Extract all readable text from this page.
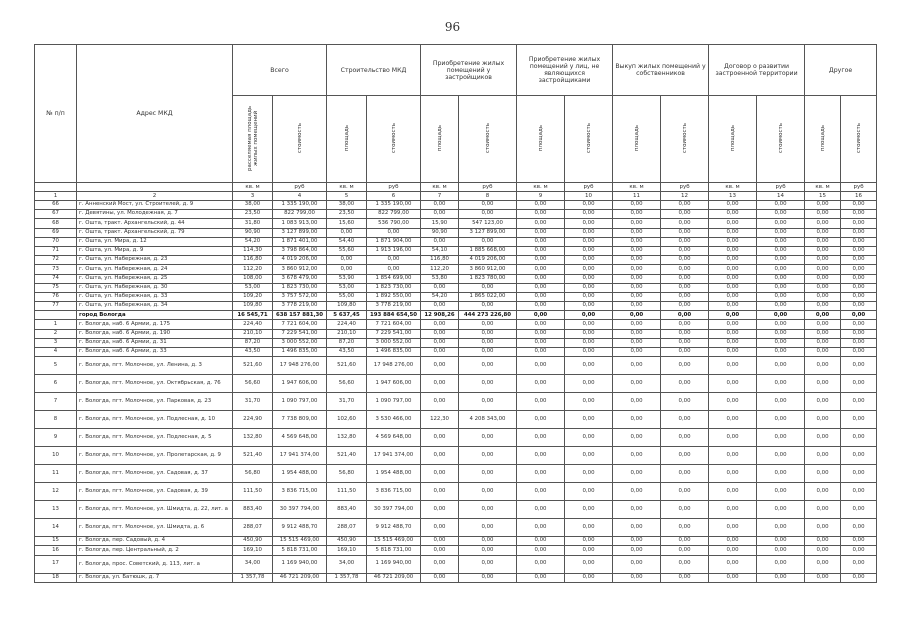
96
№ п/п	Адрес МКД	Всего		Строительство МКД		Приобретение жилых помещений у застройщиков		Приобретение жилых помещений у лиц, не являющихся застройщиками		Выкуп жилых помещений у собственников		Договор о развитии застроенной территории		Другое	
		расселяемая площадь жилых помещений	стоимость	площадь	стоимость	площадь	стоимость	площадь	стоимость	площадь	стоимость	площадь	стоимость	площадь	стоимость
		кв. м	руб	кв. м	руб	кв. м	руб	кв. м	руб	кв. м	руб	кв. м	руб	кв. м	руб
1	2	3	4	5	6	7	8	9	10	11	12	13	14	15	16
66	г. Анненский Мост, ул. Строителей, д. 9	38,00	1 335 190,00	38,00	1 335 190,00	0,00	0,00	0,00	0,00	0,00	0,00	0,00	0,00	0,00	0,00
67	г. Девятины, ул. Молодежная, д. 7	23,50	822 799,00	23,50	822 799,00	0,00	0,00	0,00	0,00	0,00	0,00	0,00	0,00	0,00	0,00
68	г. Ошта, тракт. Архангельский, д. 44	31,80	1 083 913,00	15,60	536 790,00	15,90	547 123,00	0,00	0,00	0,00	0,00	0,00	0,00	0,00	0,00
69	г. Ошта, тракт. Архангельский, д. 79	90,90	3 127 899,00	0,00	0,00	90,90	3 127 899,00	0,00	0,00	0,00	0,00	0,00	0,00	0,00	0,00
70	г. Ошта, ул. Мира, д. 12	54,20	1 871 401,00	54,40	1 871 904,00	0,00	0,00	0,00	0,00	0,00	0,00	0,00	0,00	0,00	0,00
71	г. Ошта, ул. Мира, д. 9	114,30	3 798 864,00	55,60	1 913 196,00	54,10	1 885 668,00	0,00	0,00	0,00	0,00	0,00	0,00	0,00	0,00
72	г. Ошта, ул. Набережная, д. 23	116,80	4 019 206,00	0,00	0,00	116,80	4 019 206,00	0,00	0,00	0,00	0,00	0,00	0,00	0,00	0,00
73	г. Ошта, ул. Набережная, д. 24	112,20	3 860 912,00	0,00	0,00	112,20	3 860 912,00	0,00	0,00	0,00	0,00	0,00	0,00	0,00	0,00
74	г. Ошта, ул. Набережная, д. 25	108,00	3 678 479,00	53,90	1 854 699,00	53,80	1 823 780,00	0,00	0,00	0,00	0,00	0,00	0,00	0,00	0,00
75	г. Ошта, ул. Набережная, д. 30	53,00	1 823 730,00	53,00	1 823 730,00	0,00	0,00	0,00	0,00	0,00	0,00	0,00	0,00	0,00	0,00
76	г. Ошта, ул. Набережная, д. 33	109,20	3 757 572,00	55,00	1 892 550,00	54,20	1 865 022,00	0,00	0,00	0,00	0,00	0,00	0,00	0,00	0,00
77	г. Ошта, ул. Набережная, д. 34	109,80	3 778 219,00	109,80	3 778 219,00	0,00	0,00	0,00	0,00	0,00	0,00	0,00	0,00	0,00	0,00
	город Вологда	16 545,71	638 157 881,30	5 637,45	193 884 654,50	12 908,26	444 273 226,80	0,00	0,00	0,00	0,00	0,00	0,00	0,00	0,00
1	г. Вологда, наб. 6 Армии, д. 175	224,40	7 721 604,00	224,40	7 721 604,00	0,00	0,00	0,00	0,00	0,00	0,00	0,00	0,00	0,00	0,00
2	г. Вологда, наб. 6 Армии, д. 190	210,10	7 229 541,00	210,10	7 229 541,00	0,00	0,00	0,00	0,00	0,00	0,00	0,00	0,00	0,00	0,00
3	г. Вологда, наб. 6 Армии, д. 31	87,20	3 000 552,00	87,20	3 000 552,00	0,00	0,00	0,00	0,00	0,00	0,00	0,00	0,00	0,00	0,00
4	г. Вологда, наб. 6 Армии, д. 33	43,50	1 496 835,00	43,50	1 496 835,00	0,00	0,00	0,00	0,00	0,00	0,00	0,00	0,00	0,00	0,00
5	г. Вологда, пгт. Молочное, ул. Ленина, д. 3	521,60	17 948 276,00	521,60	17 948 276,00	0,00	0,00	0,00	0,00	0,00	0,00	0,00	0,00	0,00	0,00
6	г. Вологда, пгт. Молочное, ул. Октябрьская, д. 76	56,60	1 947 606,00	56,60	1 947 606,00	0,00	0,00	0,00	0,00	0,00	0,00	0,00	0,00	0,00	0,00
7	г. Вологда, пгт. Молочное, ул. Парковая, д. 23	31,70	1 090 797,00	31,70	1 090 797,00	0,00	0,00	0,00	0,00	0,00	0,00	0,00	0,00	0,00	0,00
8	г. Вологда, пгт. Молочное, ул. Подлесная, д. 10	224,90	7 738 809,00	102,60	3 530 466,00	122,30	4 208 343,00	0,00	0,00	0,00	0,00	0,00	0,00	0,00	0,00
9	г. Вологда, пгт. Молочное, ул. Подлесная, д. 5	132,80	4 569 648,00	132,80	4 569 648,00	0,00	0,00	0,00	0,00	0,00	0,00	0,00	0,00	0,00	0,00
10	г. Вологда, пгт. Молочное, ул. Пролетарская, д. 9	521,40	17 941 374,00	521,40	17 941 374,00	0,00	0,00	0,00	0,00	0,00	0,00	0,00	0,00	0,00	0,00
11	г. Вологда, пгт. Молочное, ул. Садовая, д. 37	56,80	1 954 488,00	56,80	1 954 488,00	0,00	0,00	0,00	0,00	0,00	0,00	0,00	0,00	0,00	0,00
12	г. Вологда, пгт. Молочное, ул. Садовая, д. 39	111,50	3 836 715,00	111,50	3 836 715,00	0,00	0,00	0,00	0,00	0,00	0,00	0,00	0,00	0,00	0,00
13	г. Вологда, пгт. Молочное, ул. Шмидта, д. 22, лит. а	883,40	30 397 794,00	883,40	30 397 794,00	0,00	0,00	0,00	0,00	0,00	0,00	0,00	0,00	0,00	0,00
14	г. Вологда, пгт. Молочное, ул. Шмидта, д. 6	288,07	9 912 488,70	288,07	9 912 488,70	0,00	0,00	0,00	0,00	0,00	0,00	0,00	0,00	0,00	0,00
15	г. Вологда, пер. Садовый, д. 4	450,90	15 515 469,00	450,90	15 515 469,00	0,00	0,00	0,00	0,00	0,00	0,00	0,00	0,00	0,00	0,00
16	г. Вологда, пер. Центральный, д. 2	169,10	5 818 731,00	169,10	5 818 731,00	0,00	0,00	0,00	0,00	0,00	0,00	0,00	0,00	0,00	0,00
17	г. Вологда, прос. Советский, д. 113, лит. а	34,00	1 169 940,00	34,00	1 169 940,00	0,00	0,00	0,00	0,00	0,00	0,00	0,00	0,00	0,00	0,00
18	г. Вологда, ул. Батюшк, д. 7	1 357,78	46 721 209,00	1 357,78	46 721 209,00	0,00	0,00	0,00	0,00	0,00	0,00	0,00	0,00	0,00	0,00
